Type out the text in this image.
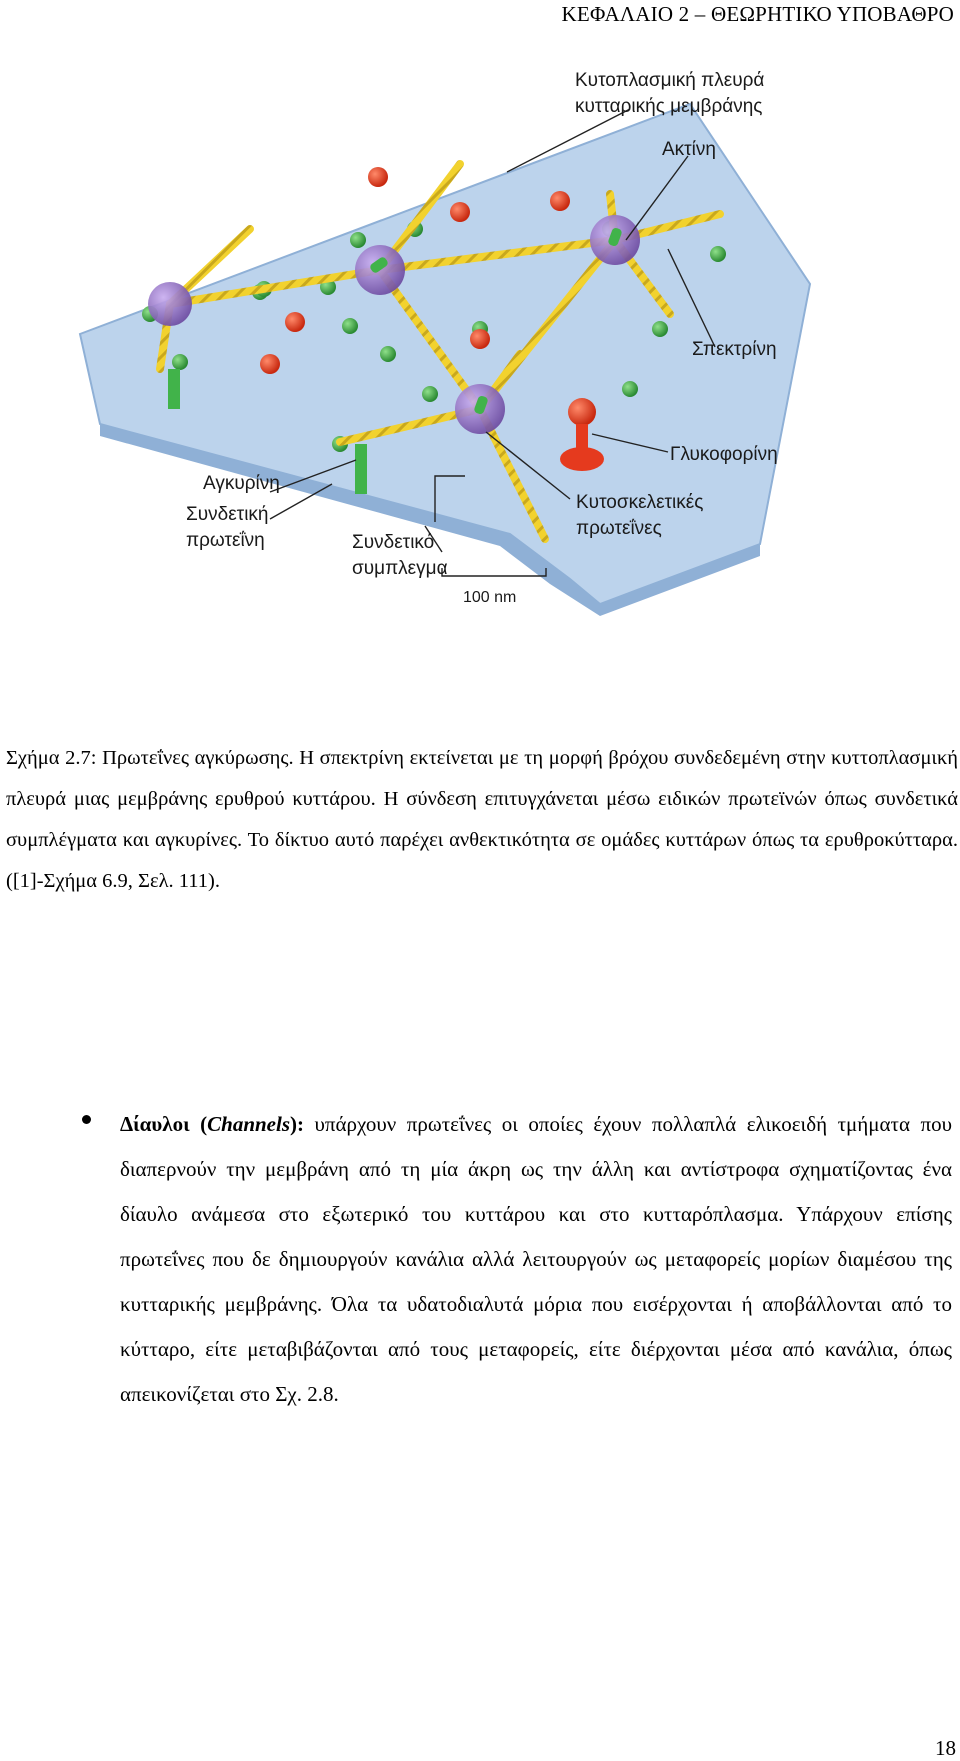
ΚΕΦΑΛΑΙΟ 2 – ΘΕΩΡΗΤΙΚΟ ΥΠΟΒΑΘΡΟ
Κυτοπλασμική πλευρά
κυτταρικής μεμβράνης
Ακτίνη
Σπεκτρίνη
Γλυκοφορίνη
Αγκυρίνη
Συνδετική
πρωτεΐνη	Συνδετικό
συμπλεγμα
Κυτοσκελετικές
πρωτεΐνες
100 nm
Σχήμα 2.7: Πρωτεΐνες αγκύρωσης. Η σπεκτρίνη εκτείνεται με τη μορφή βρόχου συνδεδεμένη στην κυττοπλασμική πλευρά μιας μεμβράνης ερυθρού κυττάρου. Η σύνδεση επιτυγχάνεται μέσω ειδικών πρωτεϊνών όπως συνδετικά συμπλέγματα και αγκυρίνες. Το δίκτυο αυτό παρέχει ανθεκτικότητα σε ομάδες κυττάρων όπως τα ερυθροκύτταρα. ([1]-Σχήμα 6.9, Σελ. 111).
Δίαυλοι (Channels): υπάρχουν πρωτεΐνες οι οποίες έχουν πολλαπλά ελικοειδή τμήματα που διαπερνούν την μεμβράνη από τη μία άκρη ως την άλλη και αντίστροφα σχηματίζοντας ένα δίαυλο ανάμεσα στο εξωτερικό του κυττάρου και στο κυτταρόπλασμα. Υπάρχουν επίσης πρωτεΐνες που δε δημιουργούν κανάλια αλλά λειτουργούν ως μεταφορείς μορίων διαμέσου της κυτταρικής μεμβράνης. Όλα τα υδατοδιαλυτά μόρια που εισέρχονται ή αποβάλλονται από το κύτταρο, είτε μεταβιβάζονται από τους μεταφορείς, είτε διέρχονται μέσα από κανάλια, όπως απεικονίζεται στο Σχ. 2.8.
18
